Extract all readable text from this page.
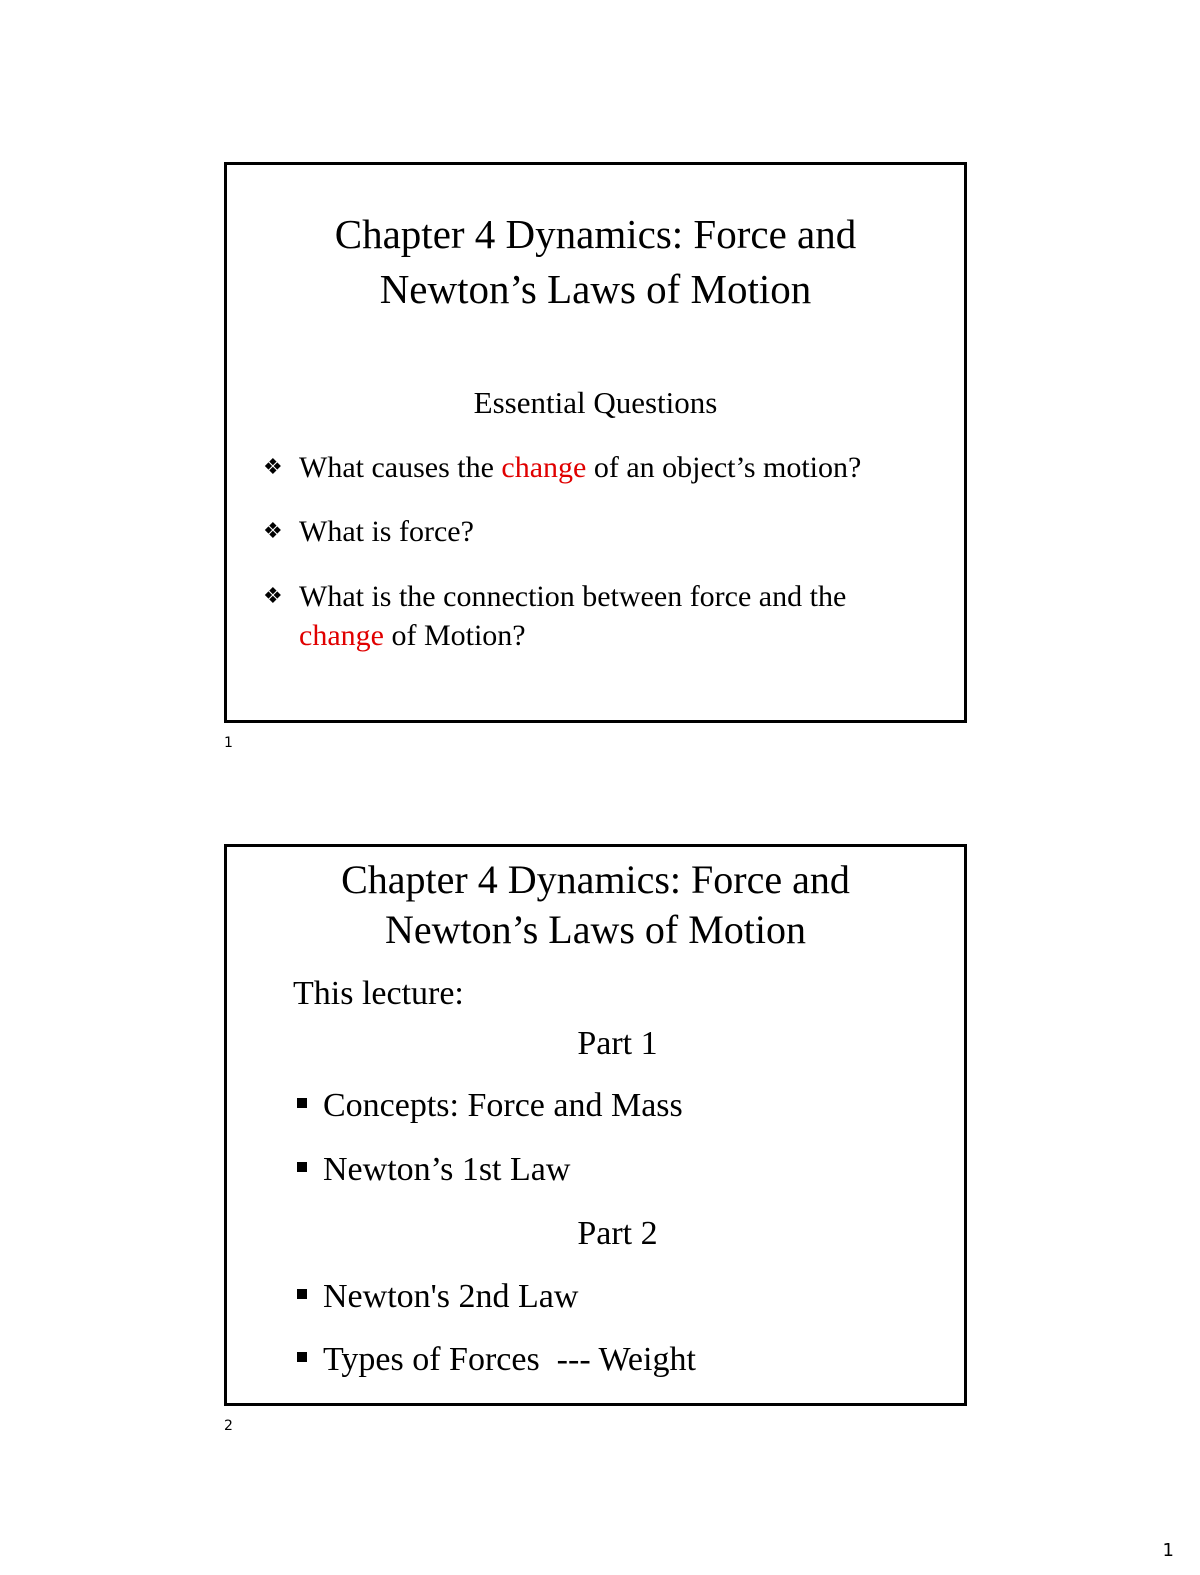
Chapter 4 Dynamics: Force and
Newton’s Laws of Motion
Essential Questions
❖ What causes the change of an object’s motion?
❖ What is force?
❖ What is the connection between force and the
change of Motion?
1
Chapter 4 Dynamics: Force and
Newton’s Laws of Motion
This lecture:
Part 1
Concepts: Force and Mass
Newton’s 1st Law
Part 2
Newton's 2nd Law
Types of Forces  --- Weight
2
1
